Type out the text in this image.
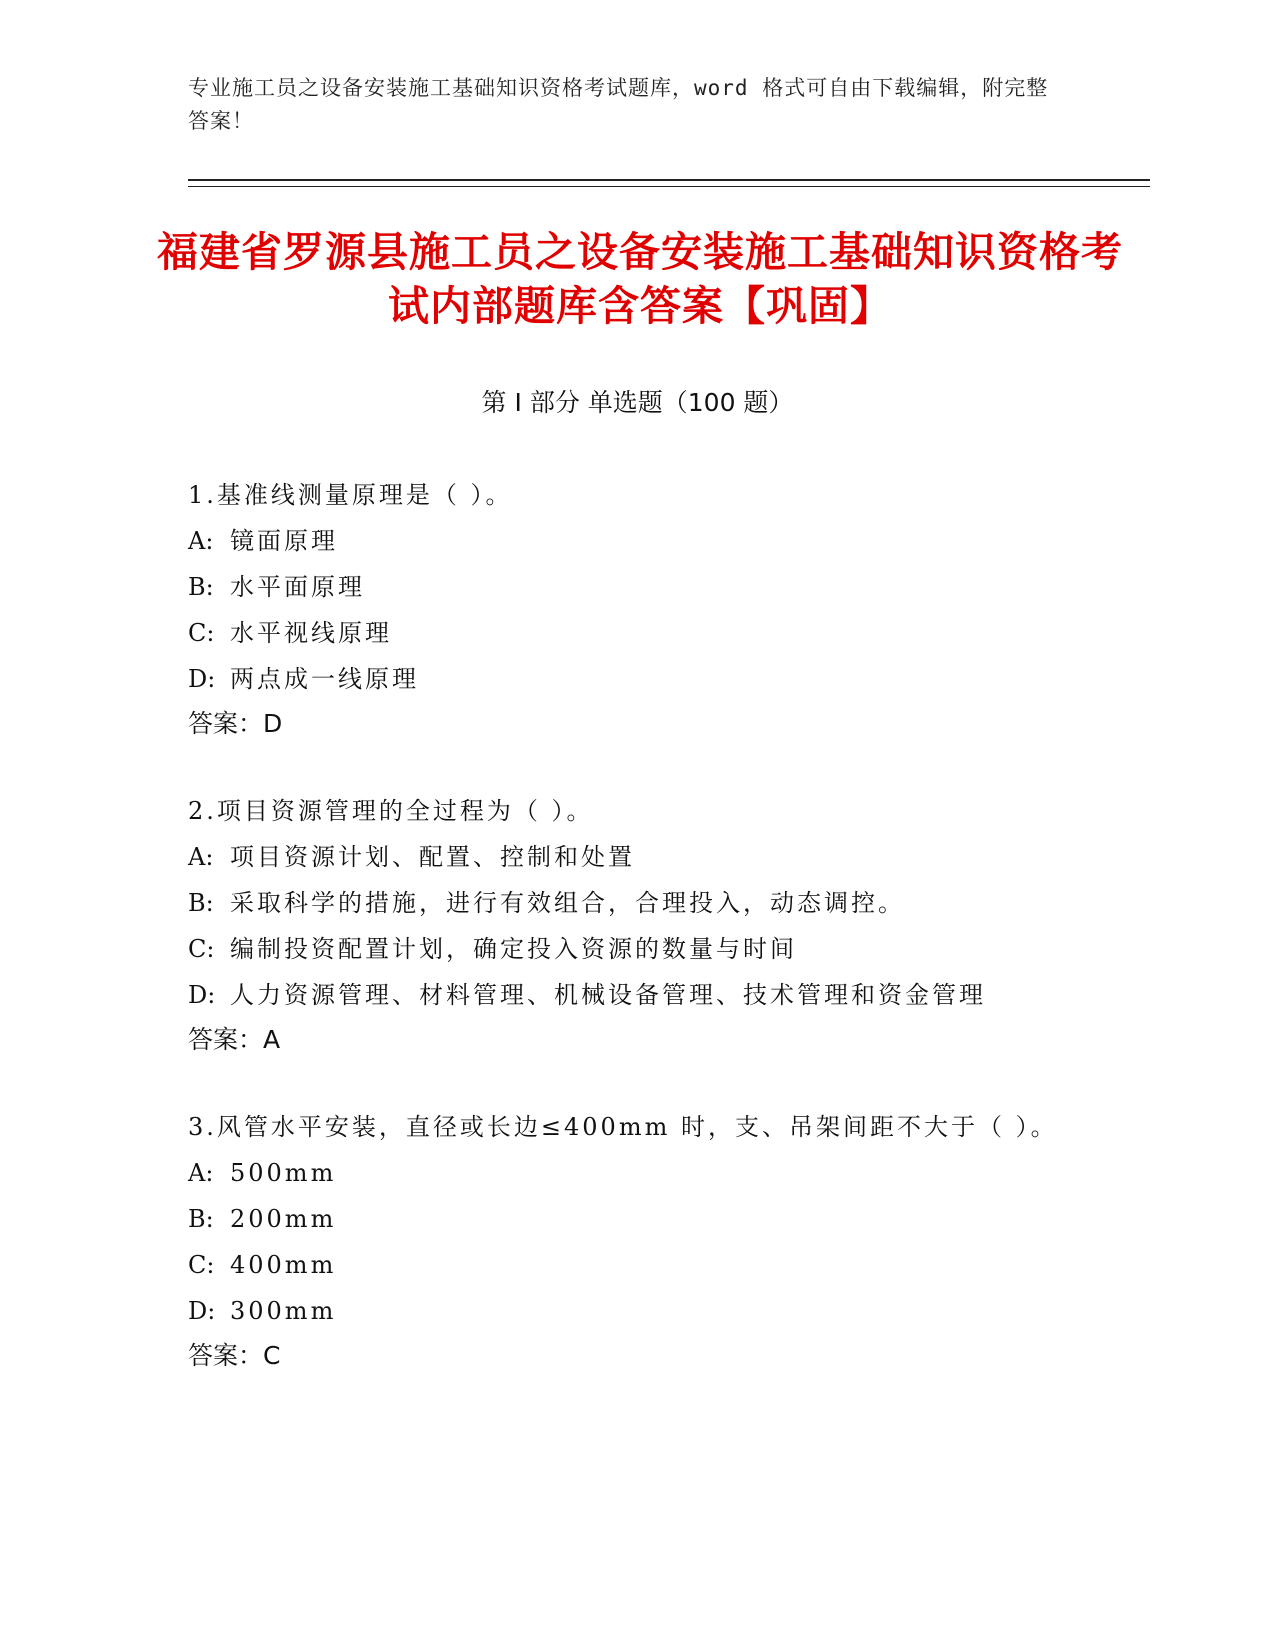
专业施工员之设备安装施工基础知识资格考试题库，word 格式可自由下载编辑，附完整答案！
福建省罗源县施工员之设备安装施工基础知识资格考试内部题库含答案【巩固】
第 I 部分 单选题（100 题）
1.基准线测量原理是（ ）。
A: 镜面原理
B: 水平面原理
C: 水平视线原理
D: 两点成一线原理
答案：D
2.项目资源管理的全过程为（ ）。
A: 项目资源计划、配置、控制和处置
B: 采取科学的措施，进行有效组合，合理投入，动态调控。
C: 编制投资配置计划，确定投入资源的数量与时间
D: 人力资源管理、材料管理、机械设备管理、技术管理和资金管理
答案：A
3.风管水平安装，直径或长边≤400mm 时，支、吊架间距不大于（ ）。
A: 500mm
B: 200mm
C: 400mm
D: 300mm
答案：C
